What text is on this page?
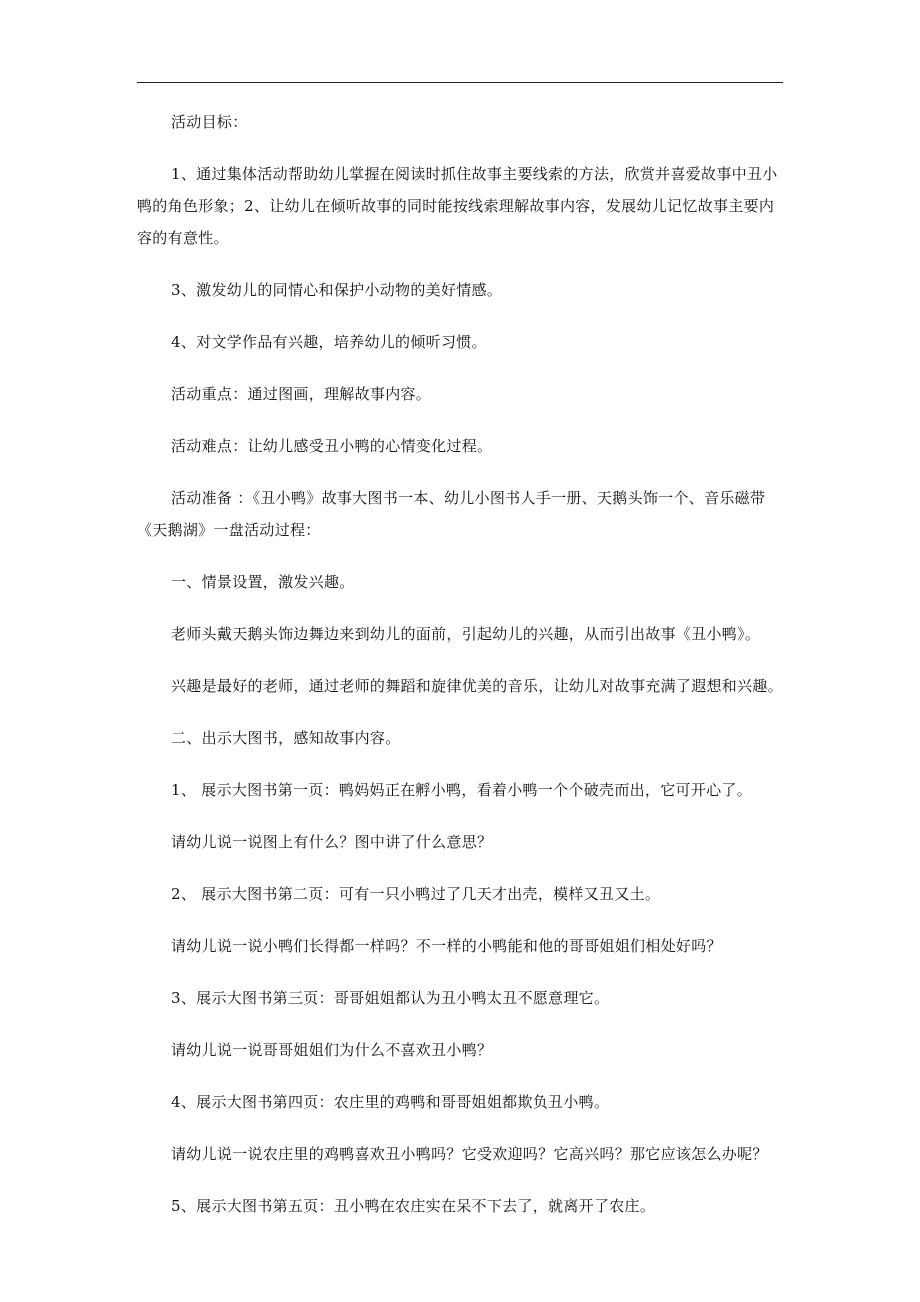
活动目标：

1、通过集体活动帮助幼儿掌握在阅读时抓住故事主要线索的方法，欣赏并喜爱故事中丑小鸭的角色形象；2、让幼儿在倾听故事的同时能按线索理解故事内容，发展幼儿记忆故事主要内容的有意性。

3、激发幼儿的同情心和保护小动物的美好情感。

4、对文学作品有兴趣，培养幼儿的倾听习惯。

活动重点：通过图画，理解故事内容。

活动难点：让幼儿感受丑小鸭的心情变化过程。

活动准备 ：《丑小鸭》故事大图书一本、幼儿小图书人手一册、天鹅头饰一个、音乐磁带《天鹅湖》一盘活动过程：

一、情景设置，激发兴趣。

老师头戴天鹅头饰边舞边来到幼儿的面前，引起幼儿的兴趣，从而引出故事《丑小鸭》。

兴趣是最好的老师，通过老师的舞蹈和旋律优美的音乐，让幼儿对故事充满了遐想和兴趣。

二、出示大图书，感知故事内容。

1、 展示大图书第一页：鸭妈妈正在孵小鸭，看着小鸭一个个破壳而出，它可开心了。

请幼儿说一说图上有什么？图中讲了什么意思？

2、 展示大图书第二页：可有一只小鸭过了几天才出壳，模样又丑又土。

请幼儿说一说小鸭们长得都一样吗？不一样的小鸭能和他的哥哥姐姐们相处好吗？

3、展示大图书第三页：哥哥姐姐都认为丑小鸭太丑不愿意理它。

请幼儿说一说哥哥姐姐们为什么不喜欢丑小鸭？

4、展示大图书第四页：农庄里的鸡鸭和哥哥姐姐都欺负丑小鸭。

请幼儿说一说农庄里的鸡鸭喜欢丑小鸭吗？它受欢迎吗？它高兴吗？那它应该怎么办呢？

5、展示大图书第五页：丑小鸭在农庄实在呆不下去了，就离开了农庄。
